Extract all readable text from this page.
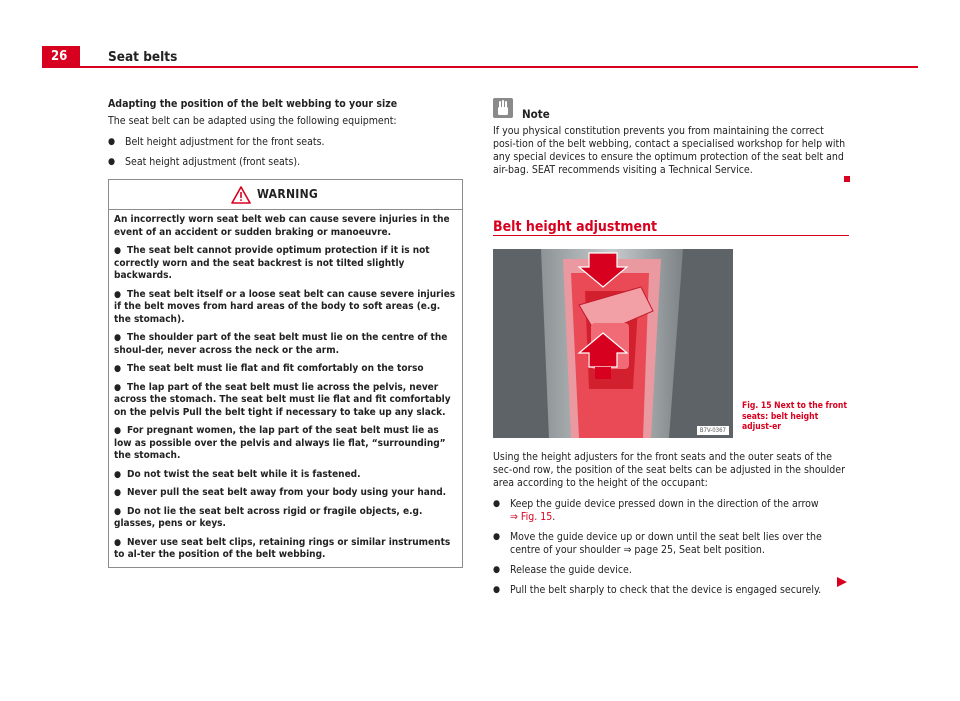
26	Seat belts
Adapting the position of the belt webbing to your size

The seat belt can be adapted using the following equipment:

● Belt height adjustment for the front seats.
● Seat height adjustment (front seats).
WARNING

An incorrectly worn seat belt web can cause severe injuries in the event of an accident or sudden braking or manoeuvre.

● The seat belt cannot provide optimum protection if it is not correctly worn and the seat backrest is not tilted slightly backwards.
● The seat belt itself or a loose seat belt can cause severe injuries if the belt moves from hard areas of the body to soft areas (e.g. the stomach).
● The shoulder part of the seat belt must lie on the centre of the shoul-der, never across the neck or the arm.
● The seat belt must lie flat and fit comfortably on the torso
● The lap part of the seat belt must lie across the pelvis, never across the stomach. The seat belt must lie flat and fit comfortably on the pelvis Pull the belt tight if necessary to take up any slack.
● For pregnant women, the lap part of the seat belt must lie as low as possible over the pelvis and always lie flat, “surrounding” the stomach.
● Do not twist the seat belt while it is fastened.
● Never pull the seat belt away from your body using your hand.
● Do not lie the seat belt across rigid or fragile objects, e.g. glasses, pens or keys.
● Never use seat belt clips, retaining rings or similar instruments to al-ter the position of the belt webbing.
Note
If you physical constitution prevents you from maintaining the correct posi-tion of the belt webbing, contact a specialised workshop for help with any special devices to ensure the optimum protection of the seat belt and air-bag. SEAT recommends visiting a Technical Service.
Belt height adjustment
B7V-0367
Fig. 15 Next to the front seats: belt height adjust-er

Using the height adjusters for the front seats and the outer seats of the sec-ond row, the position of the seat belts can be adjusted in the shoulder area according to the height of the occupant:

● Keep the guide device pressed down in the direction of the arrow
⇒ Fig. 15.
● Move the guide device up or down until the seat belt lies over the centre of your shoulder ⇒ page 25, Seat belt position.
● Release the guide device.
● Pull the belt sharply to check that the device is engaged securely.
